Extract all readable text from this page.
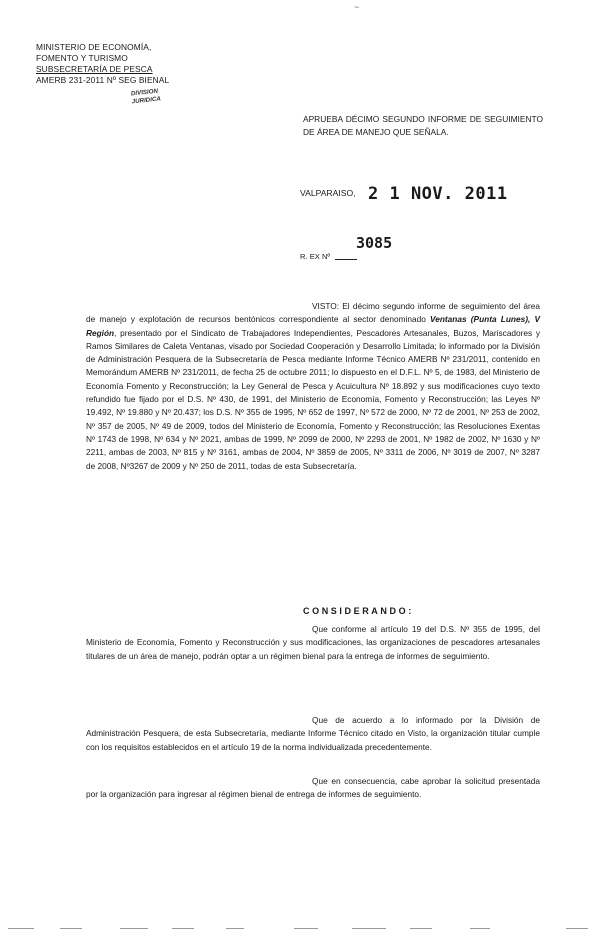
~
MINISTERIO DE ECONOMÍA,
FOMENTO Y TURISMO
SUBSECRETARÍA DE PESCA
AMERB 231-2011 Nº SEG BIENAL
DIVISION
JURIDICA
APRUEBA DÉCIMO SEGUNDO INFORME DE SEGUIMIENTO DE ÁREA DE MANEJO QUE SEÑALA.
VALPARAISO, 2 1 NOV. 2011
R. EX Nº
3085
VISTO: El décimo segundo informe de seguimiento del área de manejo y explotación de recursos bentónicos correspondiente al sector denominado Ventanas (Punta Lunes), V Región, presentado por el Sindicato de Trabajadores Independientes, Pescadores Artesanales, Buzos, Mariscadores y Ramos Similares de Caleta Ventanas, visado por Sociedad Cooperación y Desarrollo Limitada; lo informado por la División de Administración Pesquera de la Subsecretaría de Pesca mediante Informe Técnico AMERB Nº 231/2011, contenido en Memorándum AMERB Nº 231/2011, de fecha 25 de octubre 2011; lo dispuesto en el D.F.L. Nº 5, de 1983, del Ministerio de Economía Fomento y Reconstrucción; la Ley General de Pesca y Acuicultura Nº 18.892 y sus modificaciones cuyo texto refundido fue fijado por el D.S. Nº 430, de 1991, del Ministerio de Economía, Fomento y Reconstrucción; las Leyes Nº 19.492, Nº 19.880 y Nº 20.437; los D.S. Nº 355 de 1995, Nº 652 de 1997, Nº 572 de 2000, Nº 72 de 2001, Nº 253 de 2002, Nº 357 de 2005, Nº 49 de 2009, todos del Ministerio de Economía, Fomento y Reconstrucción; las Resoluciones Exentas Nº 1743 de 1998, Nº 634 y Nº 2021, ambas de 1999, Nº 2099 de 2000, Nº 2293 de 2001, Nº 1982 de 2002, Nº 1630 y Nº 2211, ambas de 2003, Nº 815 y Nº 3161, ambas de 2004, Nº 3859 de 2005, Nº 3311 de 2006, Nº 3019 de 2007, Nº 3287 de 2008, Nº3267 de 2009 y Nº 250 de 2011, todas de esta Subsecretaría.
CONSIDERANDO:
Que conforme al artículo 19 del D.S. Nº 355 de 1995, del Ministerio de Economía, Fomento y Reconstrucción y sus modificaciones, las organizaciones de pescadores artesanales titulares de un área de manejo, podrán optar a un régimen bienal para la entrega de informes de seguimiento.
Que de acuerdo a lo informado por la División de Administración Pesquera, de esta Subsecretaría, mediante Informe Técnico citado en Visto, la organización titular cumple con los requisitos establecidos en el artículo 19 de la norma individualizada precedentemente.
Que en consecuencia, cabe aprobar la solicitud presentada por la organización para ingresar al régimen bienal de entrega de informes de seguimiento.
